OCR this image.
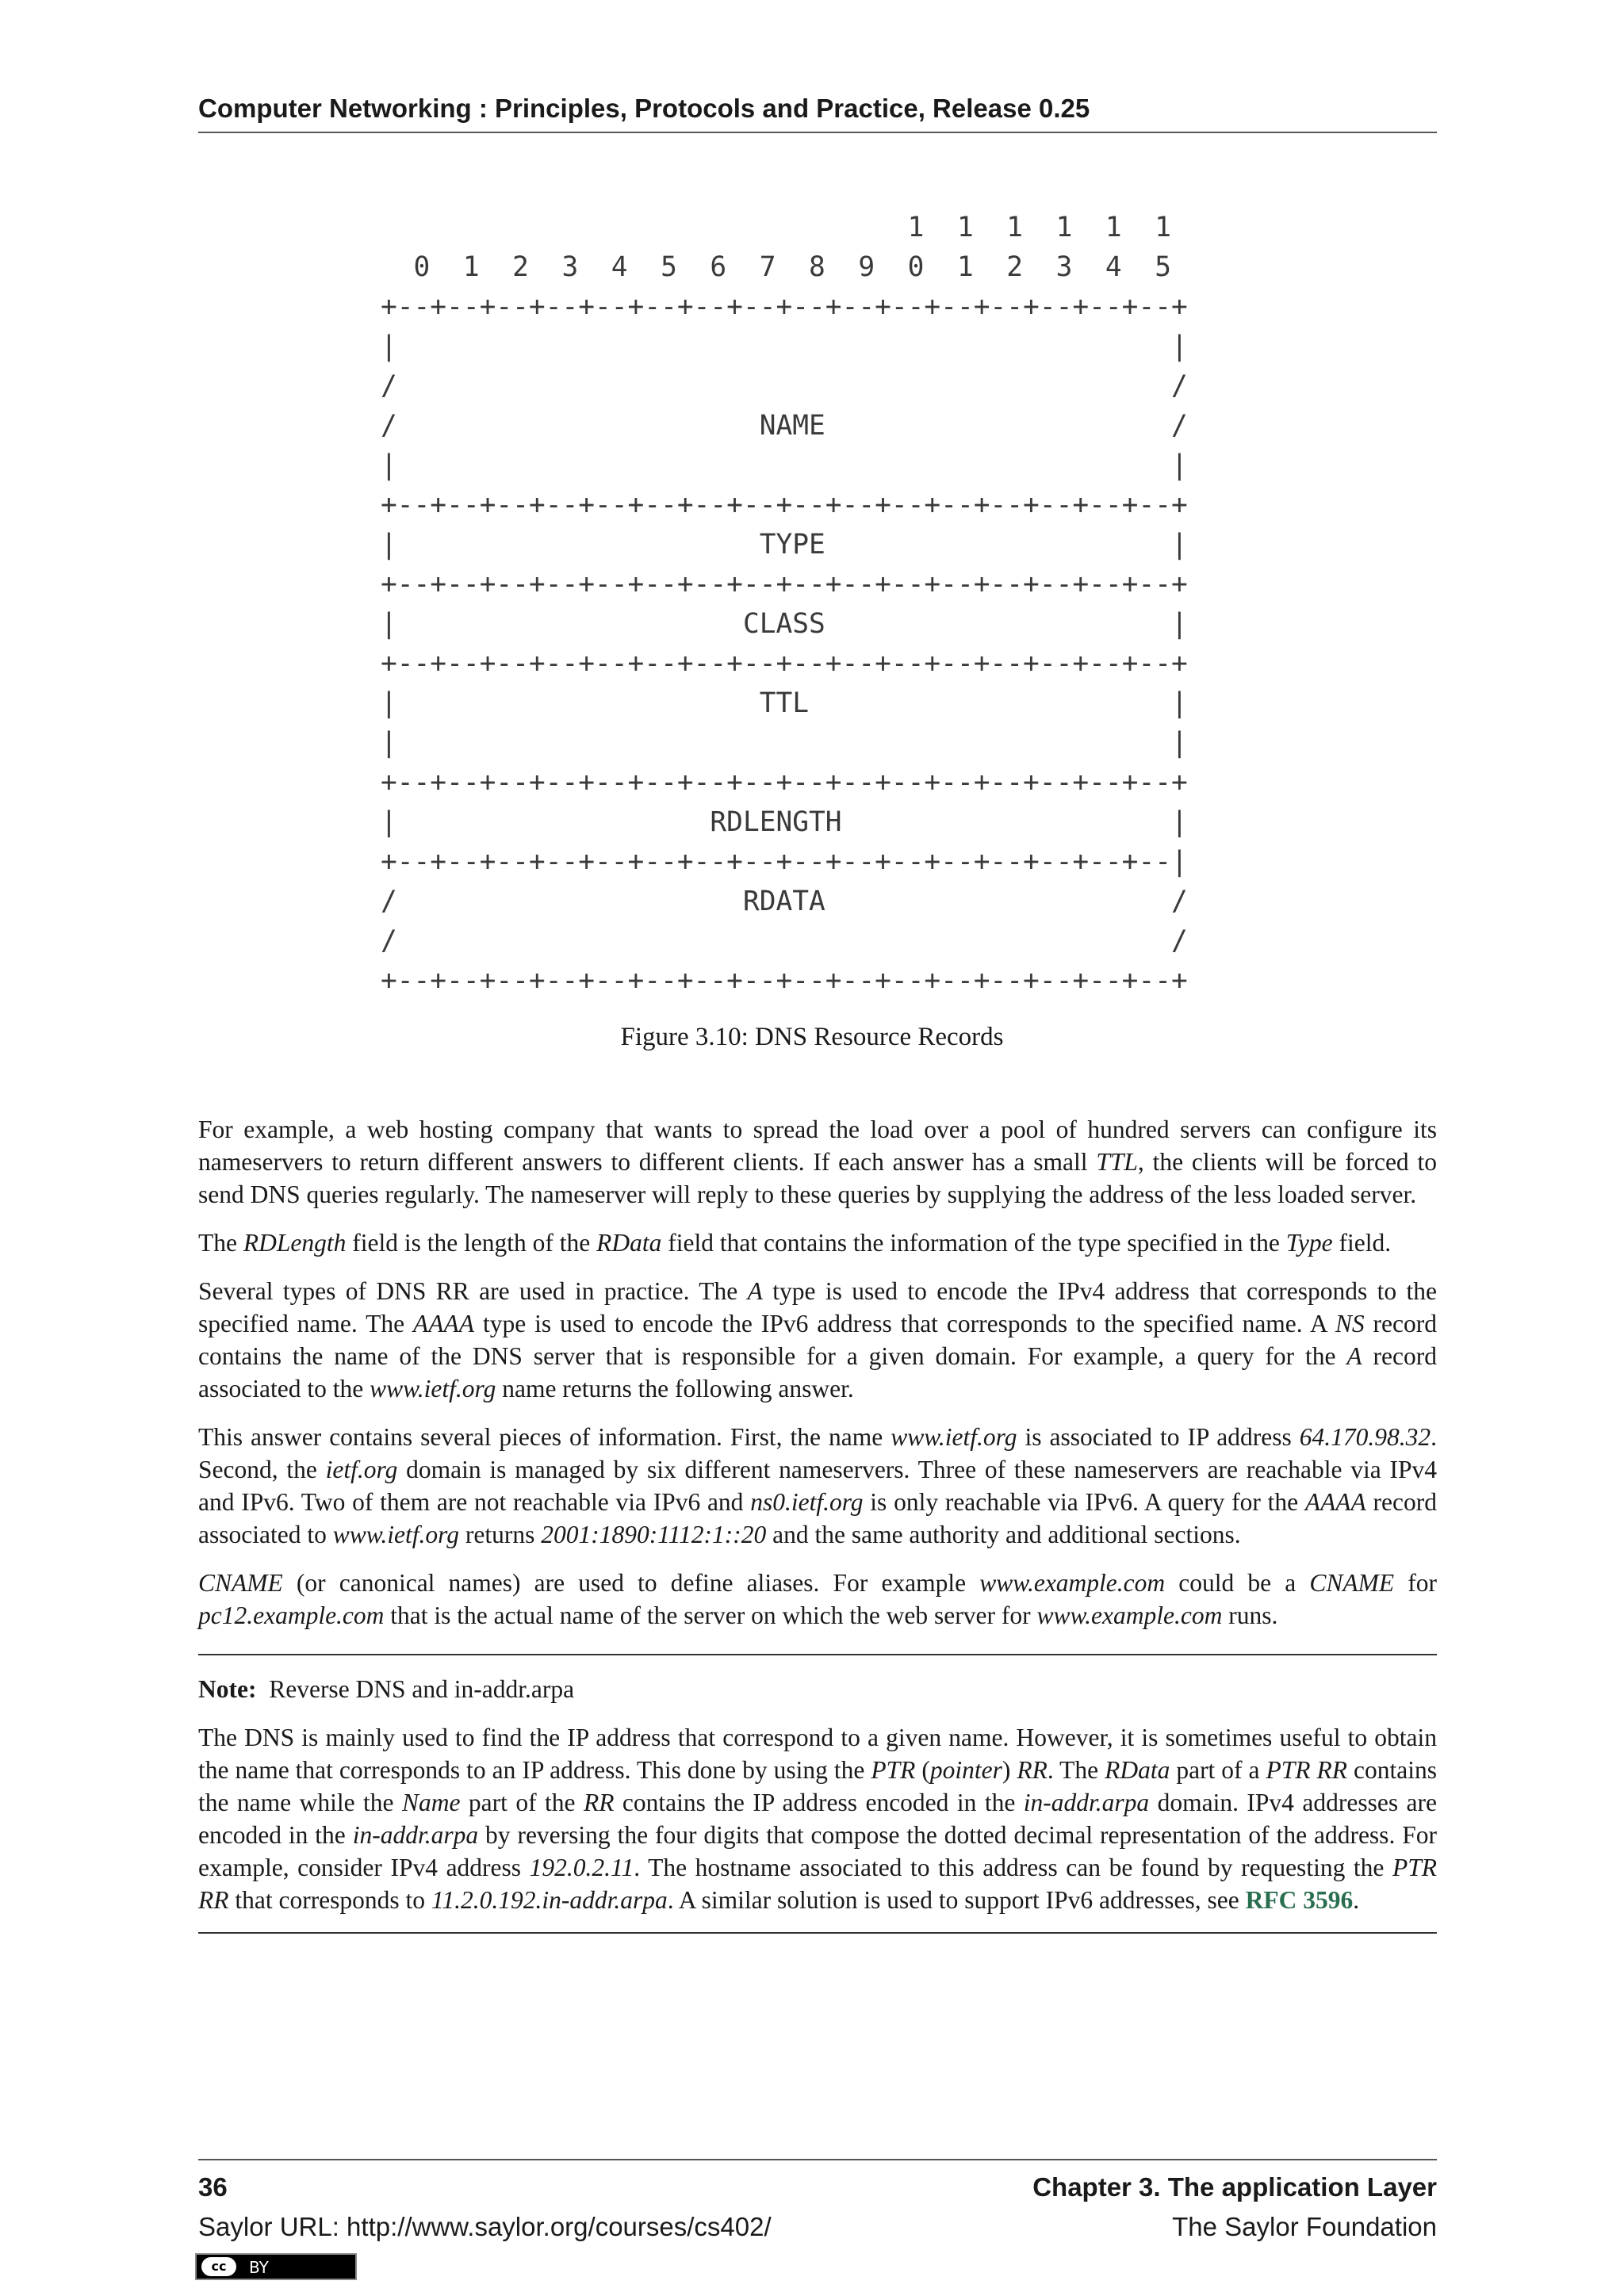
Computer Networking : Principles, Protocols and Practice, Release 0.25
1  1  1  1  1  1
0  1  2  3  4  5  6  7  8  9  0  1  2  3  4  5
+--+--+--+--+--+--+--+--+--+--+--+--+--+--+--+--+
|                                               |
/                                               /
/                      NAME                     /
|                                               |
+--+--+--+--+--+--+--+--+--+--+--+--+--+--+--+--+
|                      TYPE                     |
+--+--+--+--+--+--+--+--+--+--+--+--+--+--+--+--+
|                     CLASS                     |
+--+--+--+--+--+--+--+--+--+--+--+--+--+--+--+--+
|                      TTL                      |
|                                               |
+--+--+--+--+--+--+--+--+--+--+--+--+--+--+--+--+
|                   RDLENGTH                    |
+--+--+--+--+--+--+--+--+--+--+--+--+--+--+--+--|
/                     RDATA                     /
/                                               /
+--+--+--+--+--+--+--+--+--+--+--+--+--+--+--+--+
Figure 3.10: DNS Resource Records

For example, a web hosting company that wants to spread the load over a pool of hundred servers can configure its nameservers to return different answers to different clients. If each answer has a small TTL, the clients will be forced to send DNS queries regularly. The nameserver will reply to these queries by supplying the address of the less loaded server.

The RDLength field is the length of the RData field that contains the information of the type specified in the Type field.

Several types of DNS RR are used in practice. The A type is used to encode the IPv4 address that corresponds to the specified name. The AAAA type is used to encode the IPv6 address that corresponds to the specified name. A NS record contains the name of the DNS server that is responsible for a given domain. For example, a query for the A record associated to the www.ietf.org name returns the following answer.

This answer contains several pieces of information. First, the name www.ietf.org is associated to IP address 64.170.98.32. Second, the ietf.org domain is managed by six different nameservers. Three of these nameservers are reachable via IPv4 and IPv6. Two of them are not reachable via IPv6 and ns0.ietf.org is only reachable via IPv6. A query for the AAAA record associated to www.ietf.org returns 2001:1890:1112:1::20 and the same authority and additional sections.

CNAME (or canonical names) are used to define aliases. For example www.example.com could be a CNAME for pc12.example.com that is the actual name of the server on which the web server for www.example.com runs.

Note: Reverse DNS and in-addr.arpa

The DNS is mainly used to find the IP address that correspond to a given name. However, it is sometimes useful to obtain the name that corresponds to an IP address. This done by using the PTR (pointer) RR. The RData part of a PTR RR contains the name while the Name part of the RR contains the IP address encoded in the in-addr.arpa domain. IPv4 addresses are encoded in the in-addr.arpa by reversing the four digits that compose the dotted decimal representation of the address. For example, consider IPv4 address 192.0.2.11. The hostname associated to this address can be found by requesting the PTR RR that corresponds to 11.2.0.192.in-addr.arpa. A similar solution is used to support IPv6 addresses, see RFC 3596.

36	Chapter 3. The application Layer
Saylor URL: http://www.saylor.org/courses/cs402/	The Saylor Foundation
cc	BY
